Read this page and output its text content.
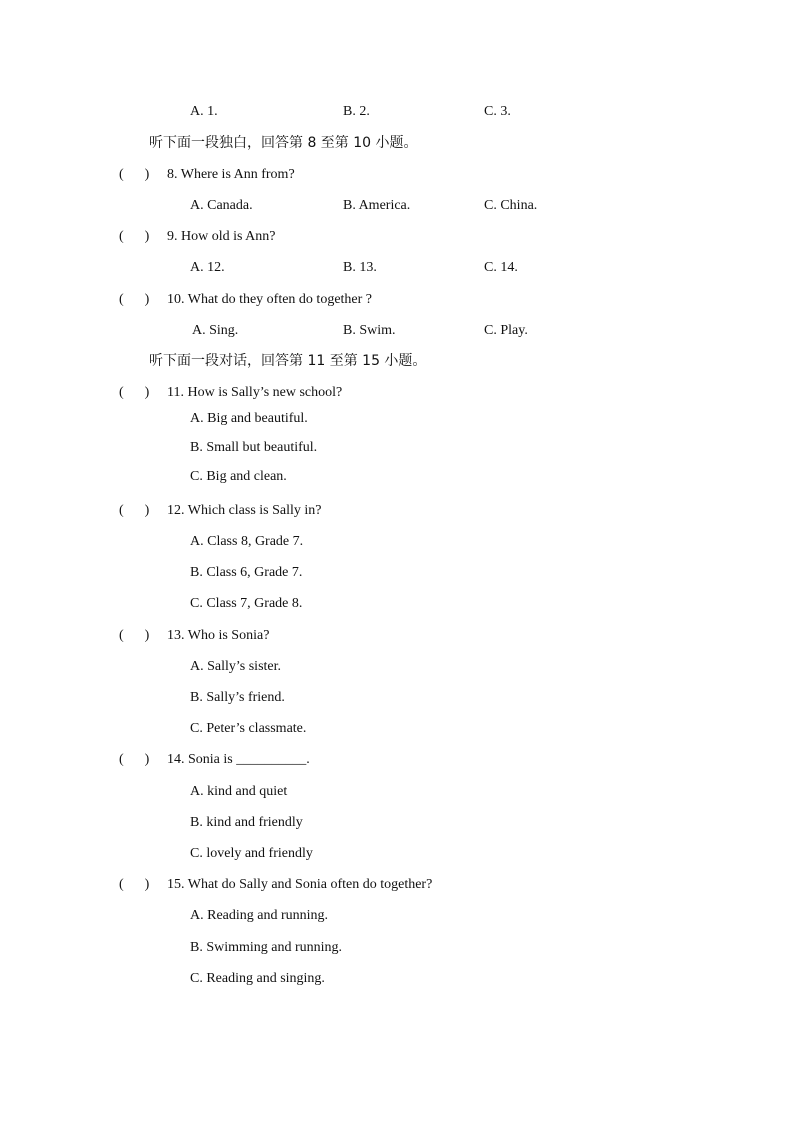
A. 1.	B. 2.	C. 3.
听下面一段独白，回答第 8 至第 10 小题。
(      ) 8. Where is Ann from?
A. Canada.	B. America.	C. China.
(      ) 9. How old is Ann?
A. 12.	B. 13.	C. 14.
(      ) 10. What do they often do together ?
A. Sing.	B. Swim.	C. Play.
听下面一段对话，回答第 11 至第 15 小题。
(      ) 11. How is Sally’s new school?
A. Big and beautiful.
B. Small but beautiful.
C. Big and clean.
(      ) 12. Which class is Sally in?
A. Class 8, Grade 7.
B. Class 6, Grade 7.
C. Class 7, Grade 8.
(      ) 13. Who is Sonia?
A. Sally’s sister.
B. Sally’s friend.
C. Peter’s classmate.
(      ) 14. Sonia is __________.
A. kind and quiet
B. kind and friendly
C. lovely and friendly
(      ) 15. What do Sally and Sonia often do together?
A. Reading and running.
B. Swimming and running.
C. Reading and singing.
